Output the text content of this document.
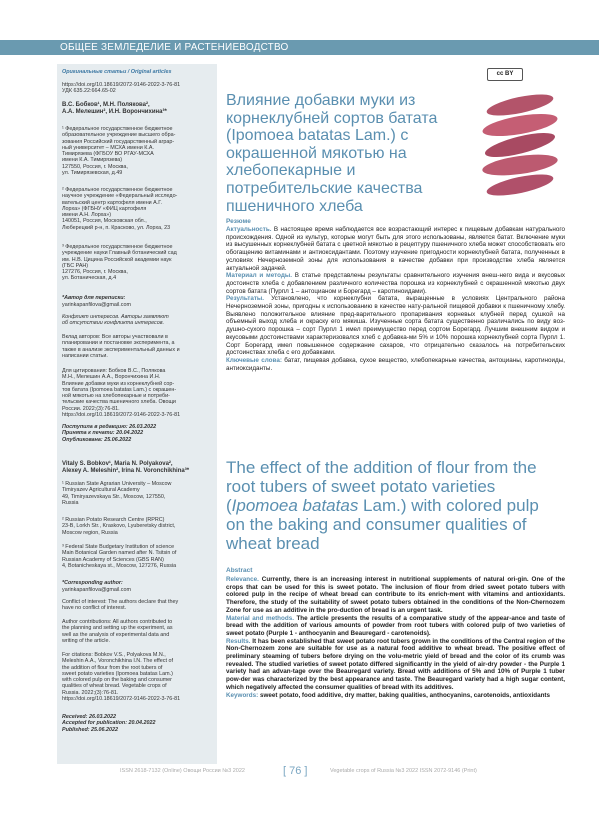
ОБЩЕЕ ЗЕМЛЕДЕЛИЕ И РАСТЕНИЕВОДСТВО
Оригинальные статьи / Original articles
https://doi.org/10.18619/2072-9146-2022-3-76-81
УДК 635.22:664.65-02
В.С. Бобков¹, М.Н. Полякова²,
А.А. Мелешин², И.Н. Ворончихина³*
¹ Федеральное государственное бюджетное
образовательное учреждение высшего обра-
зования Российский государственный аграр-
ный университет – МСХА имени К.А.
Тимирязева (ФГБОУ ВО РГАУ-МСХА
имени К.А. Тимирязева)
127550, Россия, г. Москва,
ул. Тимирязевская, д.49
² Федеральное государственное бюджетное
научное учреждение «Федеральный исследо-
вательский центр картофеля имени А.Г.
Лорха» (ФГБНУ «ФИЦ картофеля
имени А.Н. Лорха»)
140051, Россия, Московская обл.,
Люберецкий р-н, п. Красково, ул. Лорха, 23
³ Федеральное государственное бюджетное
учреждение науки Главный ботанический сад
им. Н.В. Цицина Российской академии наук
(ГБС РАН)
127276, Россия, г. Москва,
ул. Ботаническая, д.4
*Автор для переписки:
yarinkapanfilova@gmail.com
Конфликт интересов. Авторы заявляют
об отсутствии конфликта интересов.
Вклад авторов: Все авторы участвовали в
планировании и постановке эксперимента, а
также в анализе экспериментальный данных и
написании статьи.
Для цитирования: Бобков В.С., Полякова
М.Н., Мелешин А.А., Ворончихина И.Н.
Влияние добавки муки из корнеклубней сор-
тов батата (Ipomoea batatas Lam.) с окрашен-
ной мякотью на хлебопекарные и потреби-
тельские качества пшеничного хлеба. Овощи
России. 2022;(3):76-81.
https://doi.org/10.18619/2072-9146-2022-3-76-81
Поступила в редакцию: 26.03.2022
Принята к печати: 20.04.2022
Опубликована: 25.06.2022
Vitaly S. Bobkov¹, Maria N. Polyakova²,
Alexey A. Meleshin², Irina N. Voronchikhina³*
¹ Russian State Agrarian University – Moscow
Timiryazev Agricultural Academy
49, Timiryazevskaya Str., Moscow, 127550,
Russia
² Russian Potato Research Centre (RPRC)
23-B, Lorkh Str., Kraskovo, Lyuberetsky district,
Moscow region, Russia
³ Federal State Budgetary Institution of science
Main Botanical Garden named after N. Tsitsin of
Russian Academy of Sciences (GBS RAN)
4, Botanicheskaya st., Moscow, 127276, Russia
*Corresponding author:
yarinkapanfilova@gmail.com
Conflict of interest: The authors declare that they
have no conflict of interest.
Author contributions: All authors contributed to
the planning and setting up the experiment, as
well as the analysis of experimental data and
writing of the article.
For citations: Bobkov V.S., Polyakova M.N.,
Meleshin A.A., Voronchikhina I.N. The effect of
the addition of flour from the root tubers of
sweet potato varieties (Ipomoea batatas Lam.)
with colored pulp on the baking and consumer
qualities of wheat bread. Vegetable crops of
Russia. 2022;(3):76-81.
https://doi.org/10.18619/2072-9146-2022-3-76-81
Received: 26.03.2022
Accepted for publication: 20.04.2022
Published: 25.06.2022
cc BY
Влияние добавки муки из корнеклубней сортов батата (Ipomoea batatas Lam.) с окрашенной мякотью на хлебопекарные и потребительские качества пшеничного хлеба
Резюме

Актуальность. В настоящее время наблюдается все возрастающий интерес к пищевым добавкам натурального происхождения. Одной из культур, которые могут быть для этого использованы, является батат. Включение муки из высушенных корнеклубней батата с цветной мякотью в рецептуру пшеничного хлеба может способствовать его обогащению витаминами и антиоксидантами. Поэтому изучение пригодности корнеклубней батата, полученных в условиях Нечерноземной зоны для использования в качестве добавки при производстве хлеба является актуальной задачей.

Материал и методы. В статье представлены результаты сравнительного изучения внеш-него вида и вкусовых достоинств хлеба с добавлением различного количества порошка из корнеклубней с окрашенной мякотью двух сортов батата (Пурпл 1 – антоцианом и Борегард – каротиноидами).

Результаты. Установлено, что корнеклубни батата, выращенные в условиях Центрального района Нечерноземной зоны, пригодны к использованию в качестве нату-ральной пищевой добавки к пшеничному хлебу. Выявлено положительное влияние пред-варительного пропаривания корневых клубней перед сушкой на объемный выход хлеба и окраску его мякиша. Изученные сорта батата существенно различались по виду воз-душно-сухого порошка – сорт Пурпл 1 имел преимущество перед сортом Борегард. Лучшим внешним видом и вкусовыми достоинствами характеризовался хлеб с добавка-ми 5% и 10% порошка корнеклубней сорта Пурпл 1. Сорт Борегард имел повышенное содержание сахаров, что отрицательно сказалось на потребительских достоинствах хлеба с его добавками.

Ключевые слова: батат, пищевая добавка, сухое вещество, хлебопекарные качества, антоцианы, каротиноиды, антиоксиданты.

The effect of the addition of flour from the root tubers of sweet potato varieties (Ipomoea batatas Lam.) with colored pulp on the baking and consumer qualities of wheat bread
Abstract

Relevance. Currently, there is an increasing interest in nutritional supplements of natural ori-gin. One of the crops that can be used for this is sweet potato. The inclusion of flour from dried sweet potato tubers with colored pulp in the recipe of wheat bread can contribute to its enrich-ment with vitamins and antioxidants. Therefore, the study of the suitability of sweet potato tubers obtained in the conditions of the Non-Chernozem Zone for use as an additive in the pro-duction of bread is an urgent task.

Material and methods. The article presents the results of a comparative study of the appear-ance and taste of bread with the addition of various amounts of powder from root tubers with colored pulp of two varieties of sweet potato (Purple 1 - anthocyanin and Beauregard - carotenoids).

Results. It has been established that sweet potato root tubers grown in the conditions of the Central region of the Non-Chernozem zone are suitable for use as a natural food additive to wheat bread. The positive effect of preliminary steaming of tubers before drying on the volu-metric yield of bread and the color of its crumb was revealed. The studied varieties of sweet potato differed significantly in the yield of air-dry powder - the Purple 1 variety had an advan-tage over the Beauregard variety. Bread with additions of 5% and 10% of Purple 1 tuber pow-der was characterized by the best appearance and taste. The Beauregard variety had a high sugar content, which negatively affected the consumer qualities of bread with its additives.

Keywords: sweet potato, food additive, dry matter, baking qualities, anthocyanins, carotenoids, antioxidants

ISSN 2618-7132 (Online) Овощи России №3 2022	[ 76 ]	Vegetable crops of Russia №3 2022 ISSN 2072-9146 (Print)
